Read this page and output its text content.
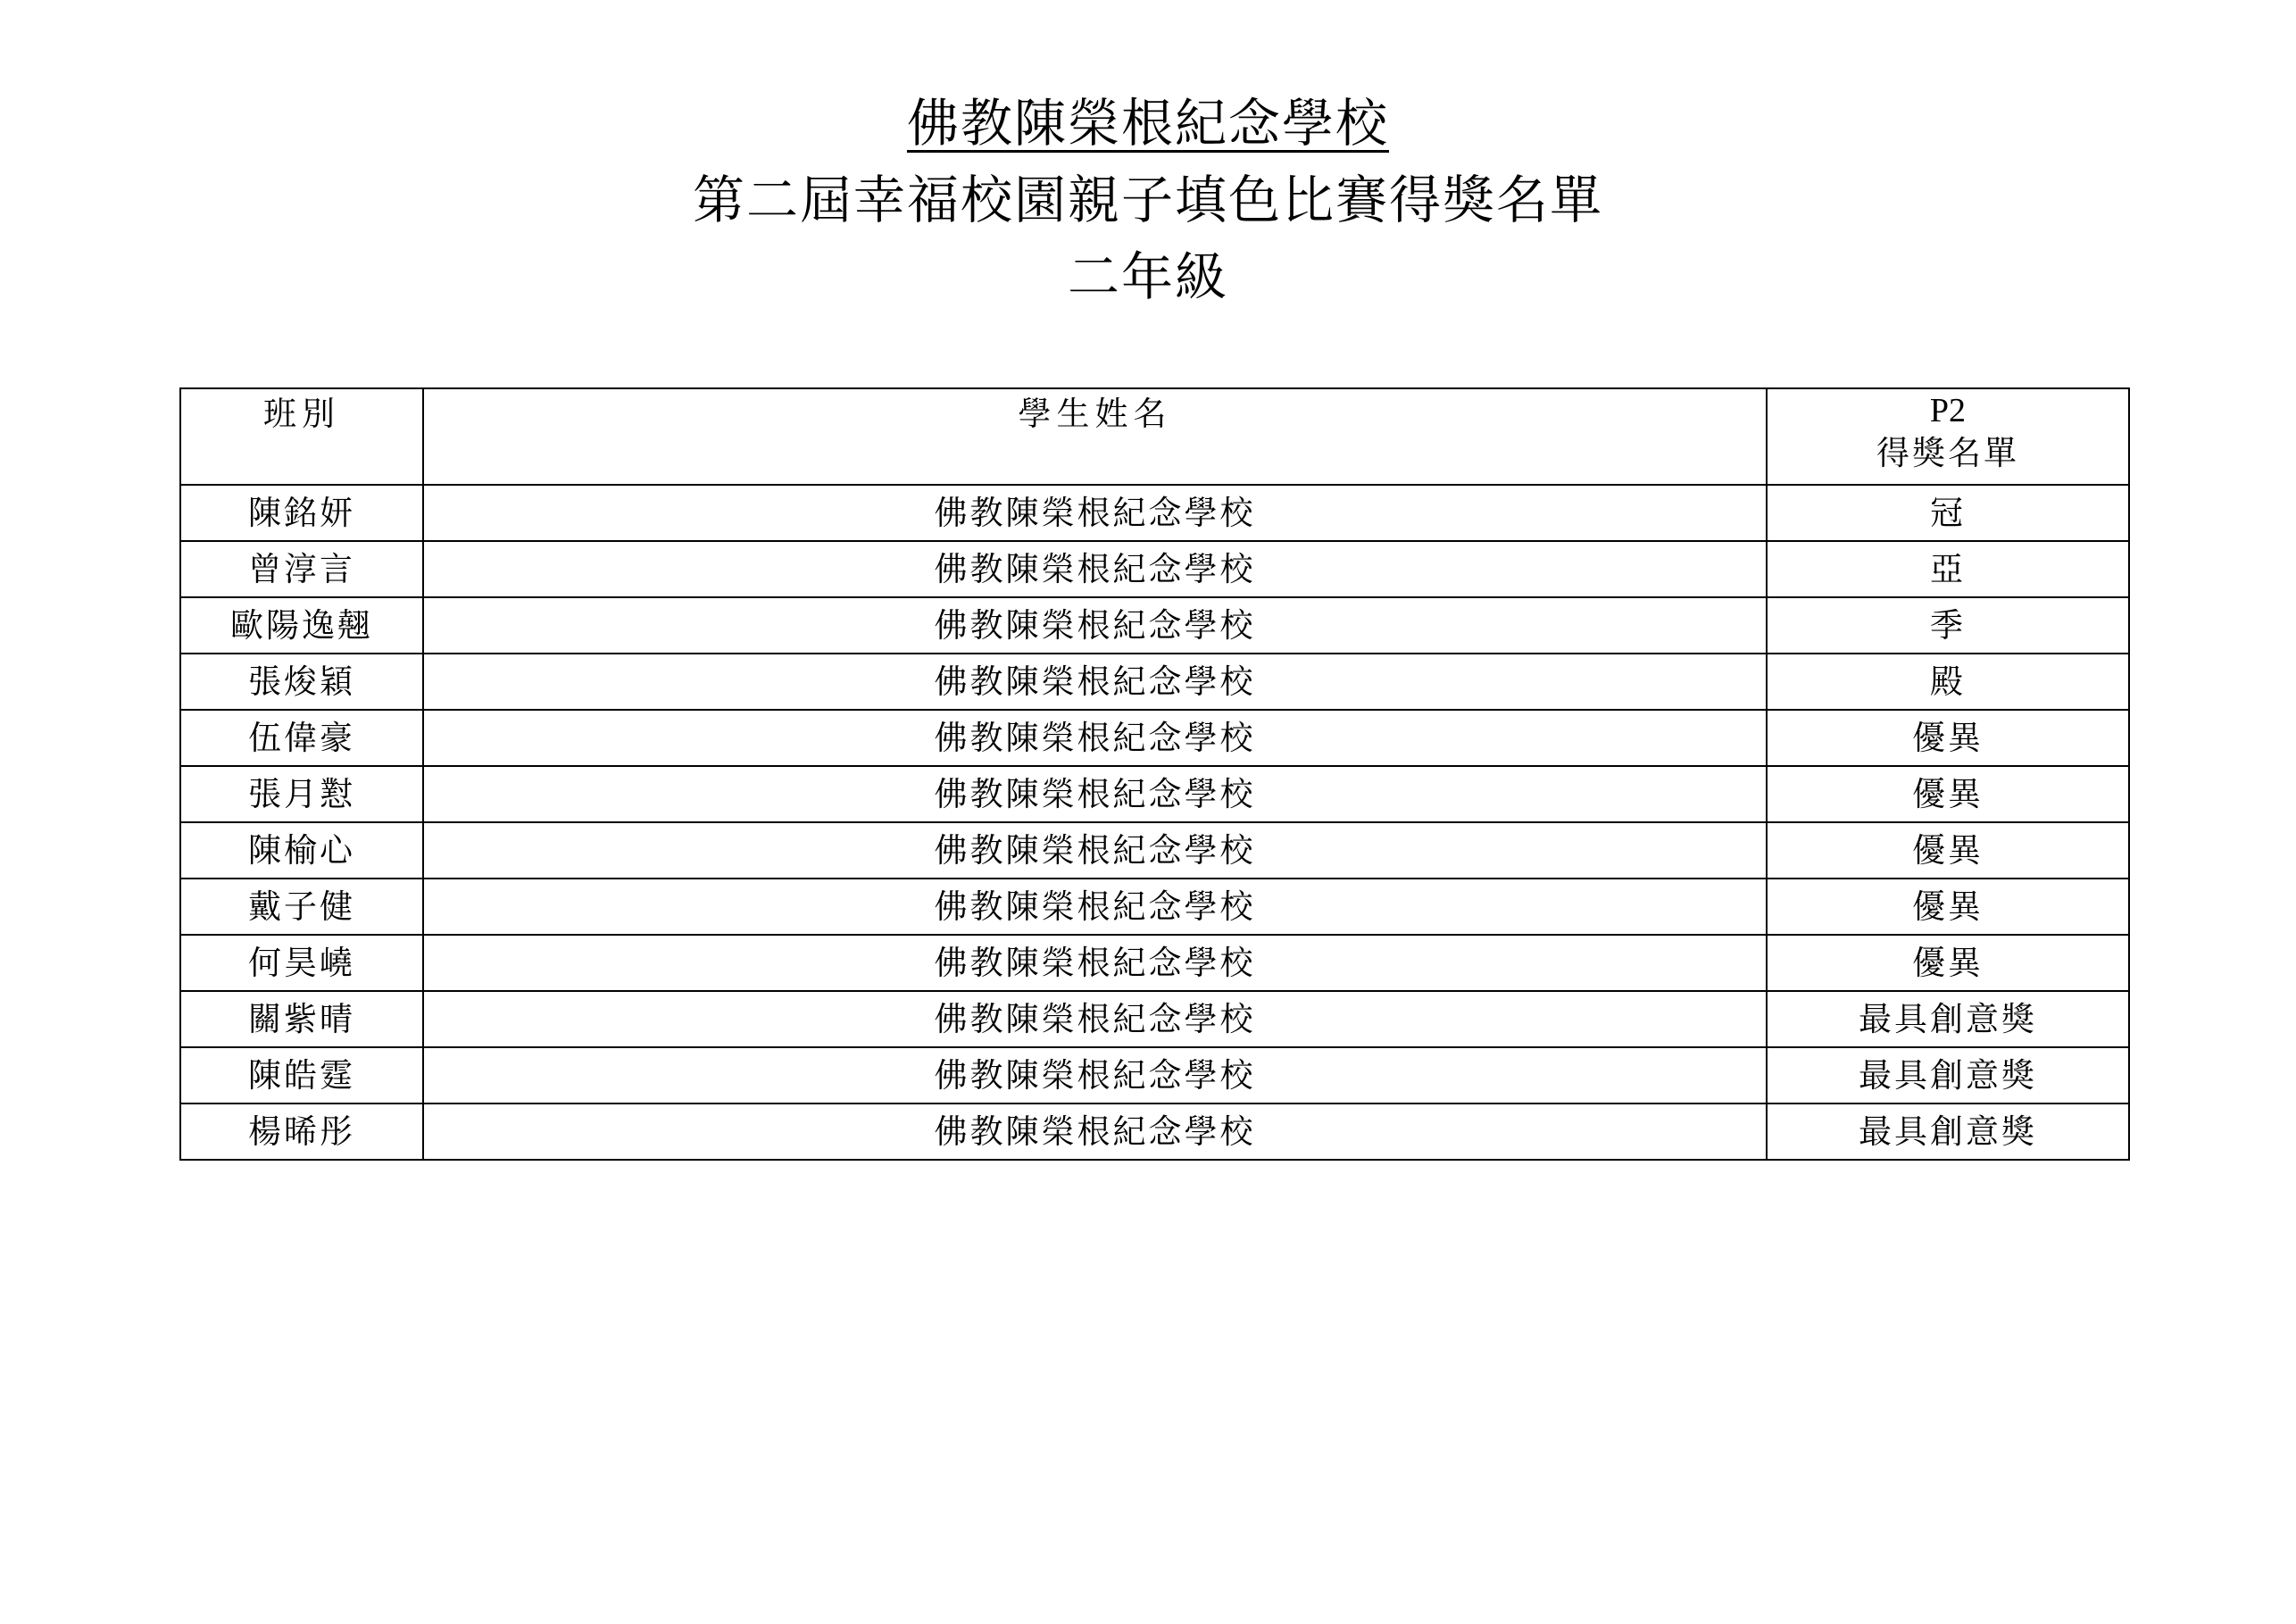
佛教陳榮根紀念學校
第二屆幸福校園親子填色比賽得獎名單
二年級
班別	學生姓名	P2
得獎名單

陳銘妍	佛教陳榮根紀念學校	冠
曾淳言	佛教陳榮根紀念學校	亞
歐陽逸翹	佛教陳榮根紀念學校	季
張焌穎	佛教陳榮根紀念學校	殿
伍偉豪	佛教陳榮根紀念學校	優異
張月懟	佛教陳榮根紀念學校	優異
陳榆心	佛教陳榮根紀念學校	優異
戴子健	佛教陳榮根紀念學校	優異
何昊嶢	佛教陳榮根紀念學校	優異
關紫晴	佛教陳榮根紀念學校	最具創意獎
陳皓霆	佛教陳榮根紀念學校	最具創意獎
楊晞彤	佛教陳榮根紀念學校	最具創意獎
